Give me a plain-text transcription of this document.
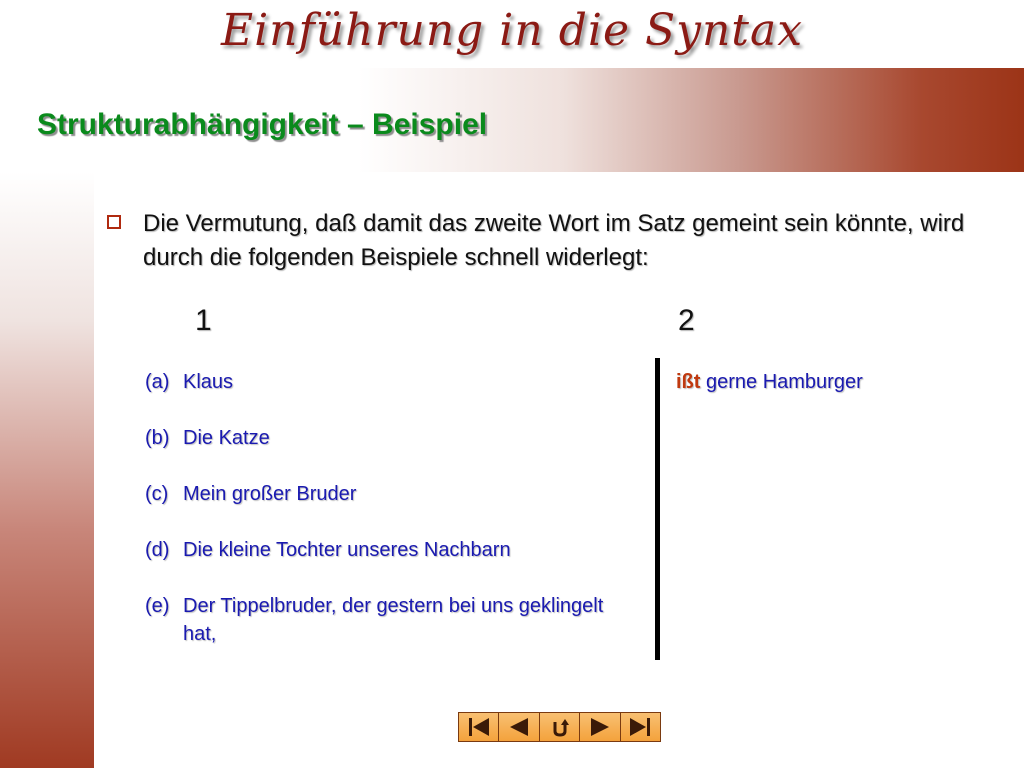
Einführung in die Syntax
Strukturabhängigkeit – Beispiel
Die Vermutung, daß damit das zweite Wort im Satz gemeint sein könnte, wird durch die folgenden Beispiele schnell widerlegt:
1	2
(a) Klaus
(b) Die Katze
(c) Mein großer Bruder
(d) Die kleine Tochter unseres Nachbarn
(e) Der Tippelbruder, der gestern bei uns geklingelt hat,
ißt gerne Hamburger
